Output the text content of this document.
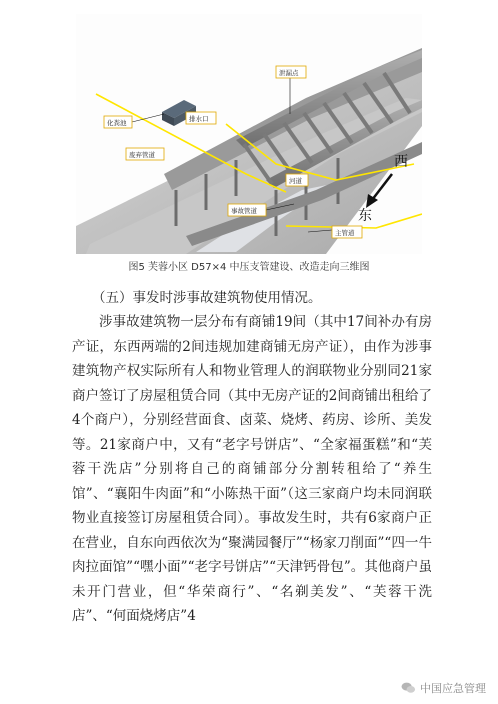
化粪池	排水口
废弃管道
泄漏点
河道
事故管道
主管道
西
东
图5 芙蓉小区 D57×4 中压支管建设、改造走向三维图

（五）事发时涉事故建筑物使用情况。

涉事故建筑物一层分布有商铺19间（其中17间补办有房产证，东西两端的2间违规加建商铺无房产证），由作为涉事建筑物产权实际所有人和物业管理人的润联物业分别同21家商户签订了房屋租赁合同（其中无房产证的2间商铺出租给了4个商户），分别经营面食、卤菜、烧烤、药房、诊所、美发等。21家商户中，又有“老字号饼店”、“全家福蛋糕”和“芙蓉干洗店”分别将自己的商铺部分分割转租给了“养生馆”、“襄阳牛肉面”和“小陈热干面”（这三家商户均未同润联物业直接签订房屋租赁合同）。事故发生时，共有6家商户正在营业，自东向西依次为“聚满园餐厅”“杨家刀削面”“四一牛肉拉面馆”“嘿小面”“老字号饼店”“天津钙骨包”。其他商户虽未开门营业，但“华荣商行”、“名剃美发”、“芙蓉干洗店”、“何面烧烤店”4

中国应急管理
